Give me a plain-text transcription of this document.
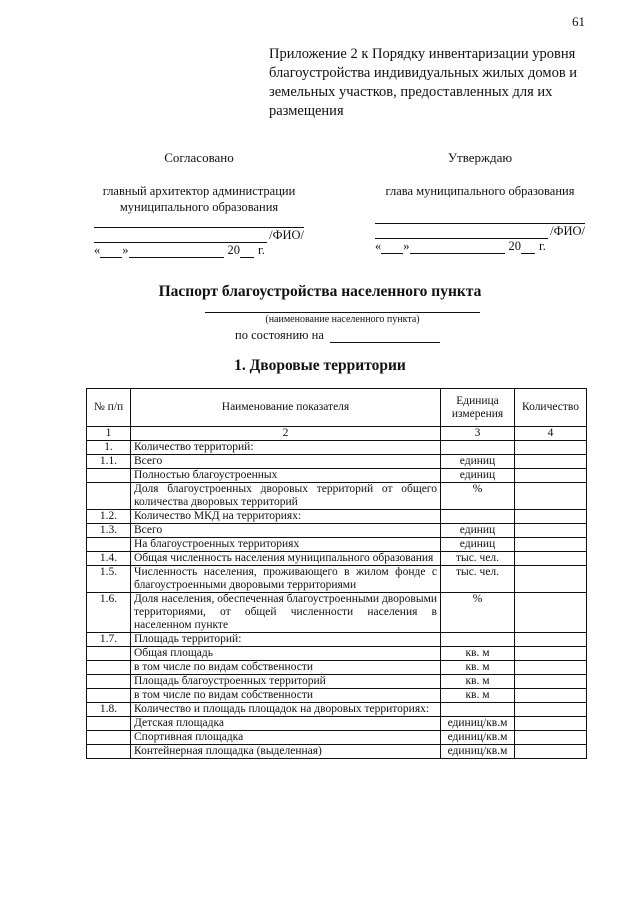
61
Приложение 2 к Порядку инвентаризации уровня благоустройства индивидуальных жилых домов и земельных участков, предоставленных для их размещения
Согласовано
главный архитектор администрации муниципального образования
/ФИО/
« »	20 г.
Утверждаю
глава муниципального образования
/ФИО/
« »	20 г.
Паспорт благоустройства населенного пункта
(наименование населенного пункта)
по состоянию на
1. Дворовые территории
№ п/п	Наименование показателя	Единица измерения	Количество
1	2	3	4
1.	Количество территорий:		
1.1.	Всего	единиц	
	Полностью благоустроенных	единиц	
	Доля благоустроенных дворовых территорий от общего количества дворовых территорий	%	
1.2.	Количество МКД на территориях:		
1.3.	Всего	единиц	
	На благоустроенных территориях	единиц	
1.4.	Общая численность населения муниципального образования	тыс. чел.	
1.5.	Численность населения, проживающего в жилом фонде с благоустроенными дворовыми территориями	тыс. чел.	
1.6.	Доля населения, обеспеченная благоустроенными дворовыми территориями, от общей численности населения в населенном пункте	%	
1.7.	Площадь территорий:		
	Общая площадь	кв. м	
	в том числе по видам собственности	кв. м	
	Площадь благоустроенных территорий	кв. м	
	в том числе по видам собственности	кв. м	
1.8.	Количество и площадь площадок на дворовых территориях:		
	Детская площадка	единиц/кв.м	
	Спортивная площадка	единиц/кв.м	
	Контейнерная площадка (выделенная)	единиц/кв.м	
